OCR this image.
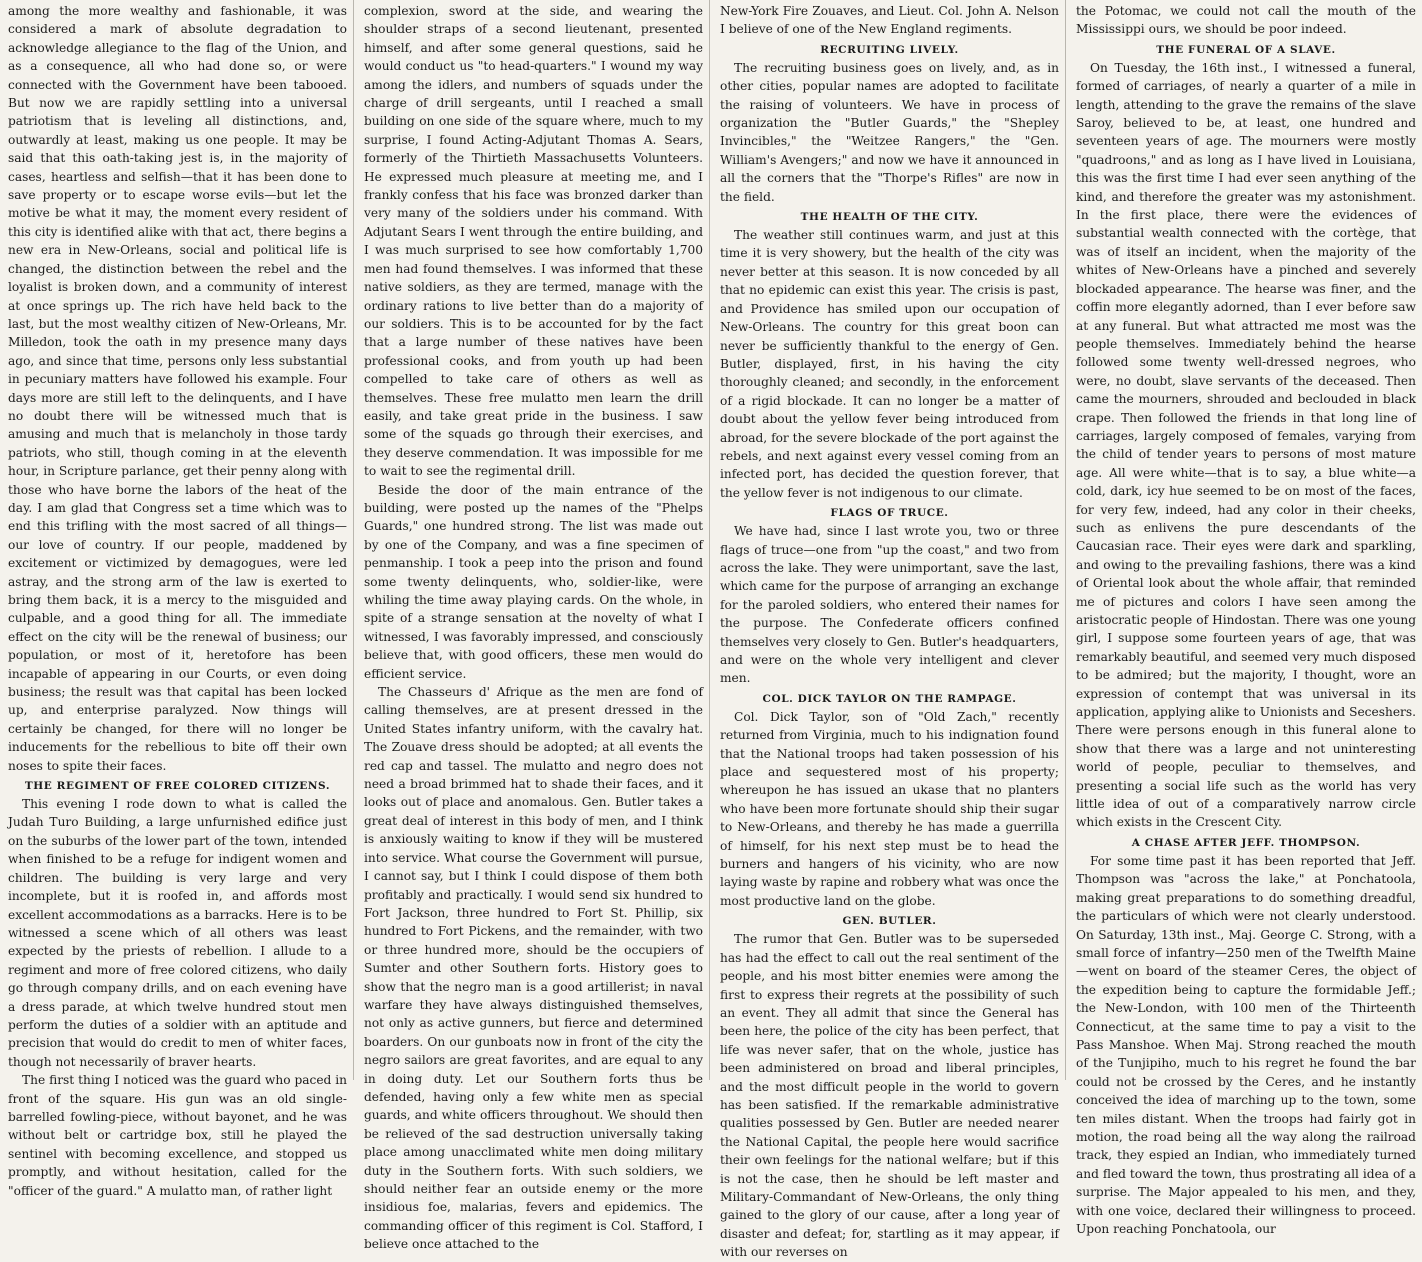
among the more wealthy and fashionable, it was considered a mark of absolute degradation to acknowledge allegiance to the flag of the Union, and as a consequence, all who had done so, or were connected with the Government have been tabooed. But now we are rapidly settling into a universal patriotism that is leveling all distinctions, and, outwardly at least, making us one people. It may be said that this oath-taking jest is, in the majority of cases, heartless and selfish—that it has been done to save property or to escape worse evils—but let the motive be what it may, the moment every resident of this city is identified alike with that act, there begins a new era in New-Orleans, social and political life is changed, the distinction between the rebel and the loyalist is broken down, and a community of interest at once springs up. The rich have held back to the last, but the most wealthy citizen of New-Orleans, Mr. Milledon, took the oath in my presence many days ago, and since that time, persons only less substantial in pecuniary matters have followed his example. Four days more are still left to the delinquents, and I have no doubt there will be witnessed much that is amusing and much that is melancholy in those tardy patriots, who still, though coming in at the eleventh hour, in Scripture parlance, get their penny along with those who have borne the labors of the heat of the day. I am glad that Congress set a time which was to end this trifling with the most sacred of all things—our love of country. If our people, maddened by excitement or victimized by demagogues, were led astray, and the strong arm of the law is exerted to bring them back, it is a mercy to the misguided and culpable, and a good thing for all. The immediate effect on the city will be the renewal of business; our population, or most of it, heretofore has been incapable of appearing in our Courts, or even doing business; the result was that capital has been locked up, and enterprise paralyzed. Now things will certainly be changed, for there will no longer be inducements for the rebellious to bite off their own noses to spite their faces.

THE REGIMENT OF FREE COLORED CITIZENS.

This evening I rode down to what is called the Judah Turo Building, a large unfurnished edifice just on the suburbs of the lower part of the town, intended when finished to be a refuge for indigent women and children. The building is very large and very incomplete, but it is roofed in, and affords most excellent accommodations as a barracks. Here is to be witnessed a scene which of all others was least expected by the priests of rebellion. I allude to a regiment and more of free colored citizens, who daily go through company drills, and on each evening have a dress parade, at which twelve hundred stout men perform the duties of a soldier with an aptitude and precision that would do credit to men of whiter faces, though not necessarily of braver hearts.

The first thing I noticed was the guard who paced in front of the square. His gun was an old single-barrelled fowling-piece, without bayonet, and he was without belt or cartridge box, still he played the sentinel with becoming excellence, and stopped us promptly, and without hesitation, called for the "officer of the guard." A mulatto man, of rather light

complexion, sword at the side, and wearing the shoulder straps of a second lieutenant, presented himself, and after some general questions, said he would conduct us "to head-quarters." I wound my way among the idlers, and numbers of squads under the charge of drill sergeants, until I reached a small building on one side of the square where, much to my surprise, I found Acting-Adjutant Thomas A. Sears, formerly of the Thirtieth Massachusetts Volunteers. He expressed much pleasure at meeting me, and I frankly confess that his face was bronzed darker than very many of the soldiers under his command. With Adjutant Sears I went through the entire building, and I was much surprised to see how comfortably 1,700 men had found themselves. I was informed that these native soldiers, as they are termed, manage with the ordinary rations to live better than do a majority of our soldiers. This is to be accounted for by the fact that a large number of these natives have been professional cooks, and from youth up had been compelled to take care of others as well as themselves. These free mulatto men learn the drill easily, and take great pride in the business. I saw some of the squads go through their exercises, and they deserve commendation. It was impossible for me to wait to see the regimental drill.

Beside the door of the main entrance of the building, were posted up the names of the "Phelps Guards," one hundred strong. The list was made out by one of the Company, and was a fine specimen of penmanship. I took a peep into the prison and found some twenty delinquents, who, soldier-like, were whiling the time away playing cards. On the whole, in spite of a strange sensation at the novelty of what I witnessed, I was favorably impressed, and consciously believe that, with good officers, these men would do efficient service.

The Chasseurs d' Afrique as the men are fond of calling themselves, are at present dressed in the United States infantry uniform, with the cavalry hat. The Zouave dress should be adopted; at all events the red cap and tassel. The mulatto and negro does not need a broad brimmed hat to shade their faces, and it looks out of place and anomalous. Gen. Butler takes a great deal of interest in this body of men, and I think is anxiously waiting to know if they will be mustered into service. What course the Government will pursue, I cannot say, but I think I could dispose of them both profitably and practically. I would send six hundred to Fort Jackson, three hundred to Fort St. Phillip, six hundred to Fort Pickens, and the remainder, with two or three hundred more, should be the occupiers of Sumter and other Southern forts. History goes to show that the negro man is a good artillerist; in naval warfare they have always distinguished themselves, not only as active gunners, but fierce and determined boarders. On our gunboats now in front of the city the negro sailors are great favorites, and are equal to any in doing duty. Let our Southern forts thus be defended, having only a few white men as special guards, and white officers throughout. We should then be relieved of the sad destruction universally taking place among unacclimated white men doing military duty in the Southern forts. With such soldiers, we should neither fear an outside enemy or the more insidious foe, malarias, fevers and epidemics. The commanding officer of this regiment is Col. Stafford, I believe once attached to the

New-York Fire Zouaves, and Lieut. Col. John A. Nelson I believe of one of the New England regiments.

RECRUITING LIVELY.

The recruiting business goes on lively, and, as in other cities, popular names are adopted to facilitate the raising of volunteers. We have in process of organization the "Butler Guards," the "Shepley Invincibles," the "Weitzee Rangers," the "Gen. William's Avengers;" and now we have it announced in all the corners that the "Thorpe's Rifles" are now in the field.

THE HEALTH OF THE CITY.

The weather still continues warm, and just at this time it is very showery, but the health of the city was never better at this season. It is now conceded by all that no epidemic can exist this year. The crisis is past, and Providence has smiled upon our occupation of New-Orleans. The country for this great boon can never be sufficiently thankful to the energy of Gen. Butler, displayed, first, in his having the city thoroughly cleaned; and secondly, in the enforcement of a rigid blockade. It can no longer be a matter of doubt about the yellow fever being introduced from abroad, for the severe blockade of the port against the rebels, and next against every vessel coming from an infected port, has decided the question forever, that the yellow fever is not indigenous to our climate.

FLAGS OF TRUCE.

We have had, since I last wrote you, two or three flags of truce—one from "up the coast," and two from across the lake. They were unimportant, save the last, which came for the purpose of arranging an exchange for the paroled soldiers, who entered their names for the purpose. The Confederate officers confined themselves very closely to Gen. Butler's headquarters, and were on the whole very intelligent and clever men.

COL. DICK TAYLOR ON THE RAMPAGE.

Col. Dick Taylor, son of "Old Zach," recently returned from Virginia, much to his indignation found that the National troops had taken possession of his place and sequestered most of his property; whereupon he has issued an ukase that no planters who have been more fortunate should ship their sugar to New-Orleans, and thereby he has made a guerrilla of himself, for his next step must be to head the burners and hangers of his vicinity, who are now laying waste by rapine and robbery what was once the most productive land on the globe.

GEN. BUTLER.

The rumor that Gen. Butler was to be superseded has had the effect to call out the real sentiment of the people, and his most bitter enemies were among the first to express their regrets at the possibility of such an event. They all admit that since the General has been here, the police of the city has been perfect, that life was never safer, that on the whole, justice has been administered on broad and liberal principles, and the most difficult people in the world to govern has been satisfied. If the remarkable administrative qualities possessed by Gen. Butler are needed nearer the National Capital, the people here would sacrifice their own feelings for the national welfare; but if this is not the case, then he should be left master and Military-Commandant of New-Orleans, the only thing gained to the glory of our cause, after a long year of disaster and defeat; for, startling as it may appear, if with our reverses on

the Potomac, we could not call the mouth of the Mississippi ours, we should be poor indeed.

THE FUNERAL OF A SLAVE.

On Tuesday, the 16th inst., I witnessed a funeral, formed of carriages, of nearly a quarter of a mile in length, attending to the grave the remains of the slave Saroy, believed to be, at least, one hundred and seventeen years of age. The mourners were mostly "quadroons," and as long as I have lived in Louisiana, this was the first time I had ever seen anything of the kind, and therefore the greater was my astonishment. In the first place, there were the evidences of substantial wealth connected with the cortège, that was of itself an incident, when the majority of the whites of New-Orleans have a pinched and severely blockaded appearance. The hearse was finer, and the coffin more elegantly adorned, than I ever before saw at any funeral. But what attracted me most was the people themselves. Immediately behind the hearse followed some twenty well-dressed negroes, who were, no doubt, slave servants of the deceased. Then came the mourners, shrouded and beclouded in black crape. Then followed the friends in that long line of carriages, largely composed of females, varying from the child of tender years to persons of most mature age. All were white—that is to say, a blue white—a cold, dark, icy hue seemed to be on most of the faces, for very few, indeed, had any color in their cheeks, such as enlivens the pure descendants of the Caucasian race. Their eyes were dark and sparkling, and owing to the prevailing fashions, there was a kind of Oriental look about the whole affair, that reminded me of pictures and colors I have seen among the aristocratic people of Hindostan. There was one young girl, I suppose some fourteen years of age, that was remarkably beautiful, and seemed very much disposed to be admired; but the majority, I thought, wore an expression of contempt that was universal in its application, applying alike to Unionists and Seceshers. There were persons enough in this funeral alone to show that there was a large and not uninteresting world of people, peculiar to themselves, and presenting a social life such as the world has very little idea of out of a comparatively narrow circle which exists in the Crescent City.

A CHASE AFTER JEFF. THOMPSON.

For some time past it has been reported that Jeff. Thompson was "across the lake," at Ponchatoola, making great preparations to do something dreadful, the particulars of which were not clearly understood. On Saturday, 13th inst., Maj. George C. Strong, with a small force of infantry—250 men of the Twelfth Maine—went on board of the steamer Ceres, the object of the expedition being to capture the formidable Jeff.; the New-London, with 100 men of the Thirteenth Connecticut, at the same time to pay a visit to the Pass Manshoe. When Maj. Strong reached the mouth of the Tunjipiho, much to his regret he found the bar could not be crossed by the Ceres, and he instantly conceived the idea of marching up to the town, some ten miles distant. When the troops had fairly got in motion, the road being all the way along the railroad track, they espied an Indian, who immediately turned and fled toward the town, thus prostrating all idea of a surprise. The Major appealed to his men, and they, with one voice, declared their willingness to proceed. Upon reaching Ponchatoola, our
